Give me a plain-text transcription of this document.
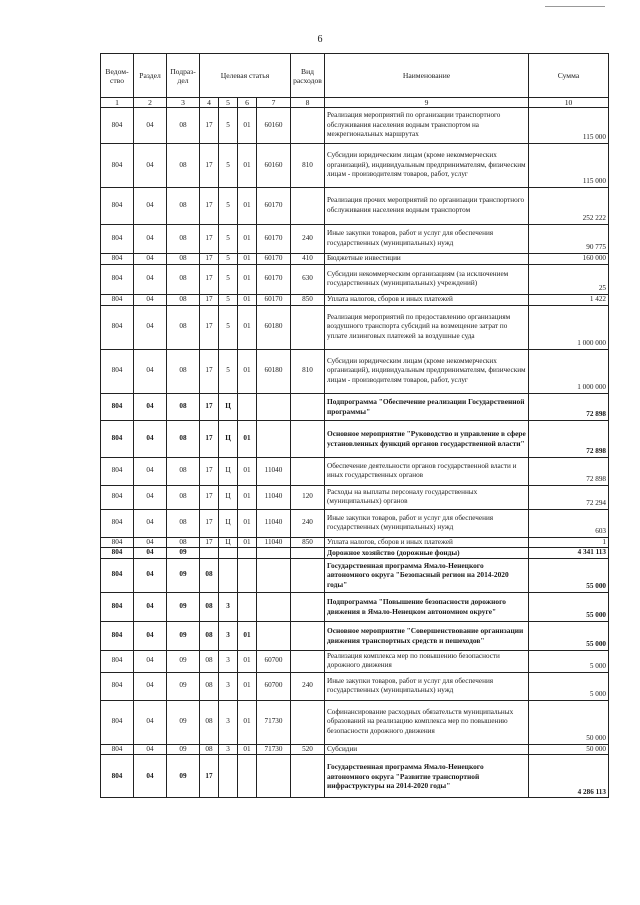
6
Ведом-ство	Раздел	Подраз-дел	Целевая статья				Вид расходов	Наименование	Сумма
1	2	3	4	5	6	7	8	9	10
804	04	08	17	5	01	60160		Реализация мероприятий по организации транспортного обслуживания населения водным транспортом на межрегиональных маршрутах	115 000
804	04	08	17	5	01	60160	810	Субсидии юридическим лицам (кроме некоммерческих организаций), индивидуальным предпринимателям, физическим лицам - производителям товаров, работ, услуг	115 000
804	04	08	17	5	01	60170		Реализация прочих мероприятий по организации транспортного обслуживания населения водным транспортом	252 222
804	04	08	17	5	01	60170	240	Иные закупки товаров, работ и услуг для обеспечения государственных (муниципальных) нужд	90 775
804	04	08	17	5	01	60170	410	Бюджетные инвестиции	160 000
804	04	08	17	5	01	60170	630	Субсидии некоммерческим организациям (за исключением государственных (муниципальных) учреждений)	25
804	04	08	17	5	01	60170	850	Уплата налогов, сборов и иных платежей	1 422
804	04	08	17	5	01	60180		Реализация мероприятий по предоставлению организациям воздушного транспорта субсидий на возмещение затрат по уплате лизинговых платежей за воздушные суда	1 000 000
804	04	08	17	5	01	60180	810	Субсидии юридическим лицам (кроме некоммерческих организаций), индивидуальным предпринимателям, физическим лицам - производителям товаров, работ, услуг	1 000 000
804	04	08	17	Ц				Подпрограмма "Обеспечение реализации Государственной программы"	72 898
804	04	08	17	Ц	01			Основное мероприятие "Руководство и управление в сфере установленных функций органов государственной власти"	72 898
804	04	08	17	Ц	01	11040		Обеспечение деятельности органов государственной власти и иных государственных органов	72 898
804	04	08	17	Ц	01	11040	120	Расходы на выплаты персоналу государственных (муниципальных) органов	72 294
804	04	08	17	Ц	01	11040	240	Иные закупки товаров, работ и услуг для обеспечения государственных (муниципальных) нужд	603
804	04	08	17	Ц	01	11040	850	Уплата налогов, сборов и иных платежей	1
804	04	09						Дорожное хозяйство (дорожные фонды)	4 341 113
804	04	09	08					Государственная программа Ямало-Ненецкого автономного округа "Безопасный регион на 2014-2020 годы"	55 000
804	04	09	08	3				Подпрограмма "Повышение безопасности дорожного движения в Ямало-Ненецком автономном округе"	55 000
804	04	09	08	3	01			Основное мероприятие "Совершенствование организации движения транспортных средств и пешеходов"	55 000
804	04	09	08	3	01	60700		Реализация комплекса мер по повышению безопасности дорожного движения	5 000
804	04	09	08	3	01	60700	240	Иные закупки товаров, работ и услуг для обеспечения государственных (муниципальных) нужд	5 000
804	04	09	08	3	01	71730		Софинансирование расходных обязательств муниципальных образований на реализацию комплекса мер по повышению безопасности дорожного движения	50 000
804	04	09	08	3	01	71730	520	Субсидии	50 000
804	04	09	17					Государственная программа Ямало-Ненецкого автономного округа "Развитие транспортной инфраструктуры на 2014-2020 годы"	4 286 113
